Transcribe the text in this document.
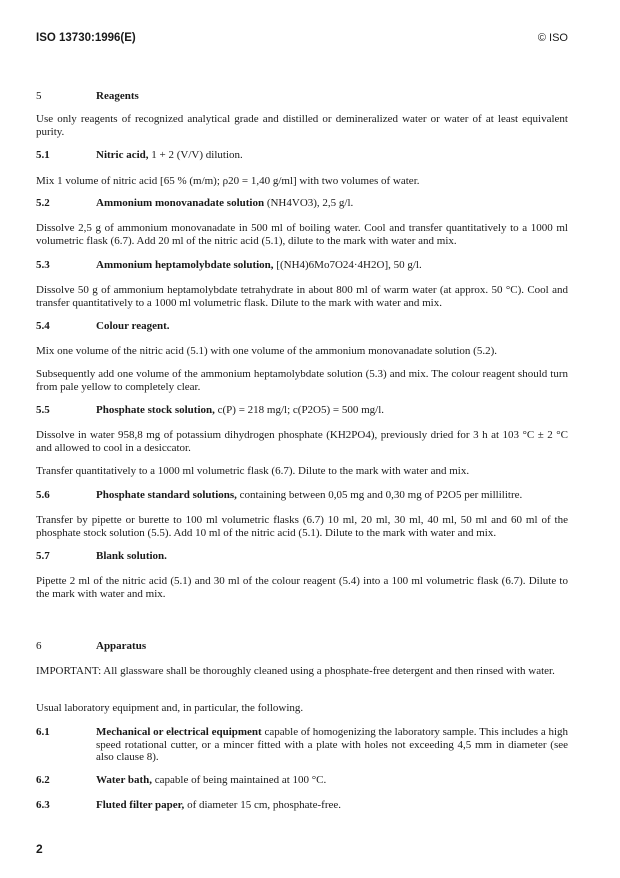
ISO 13730:1996(E)	© ISO
5	Reagents
Use only reagents of recognized analytical grade and distilled or demineralized water or water of at least equivalent purity.
5.1	Nitric acid, 1 + 2 (V/V) dilution.
Mix 1 volume of nitric acid [65 % (m/m); ρ20 = 1,40 g/ml] with two volumes of water.
5.2	Ammonium monovanadate solution (NH4VO3), 2,5 g/l.
Dissolve 2,5 g of ammonium monovanadate in 500 ml of boiling water. Cool and transfer quantitatively to a 1000 ml volumetric flask (6.7). Add 20 ml of the nitric acid (5.1), dilute to the mark with water and mix.
5.3	Ammonium heptamolybdate solution, [(NH4)6Mo7O24·4H2O], 50 g/l.
Dissolve 50 g of ammonium heptamolybdate tetrahydrate in about 800 ml of warm water (at approx. 50 °C). Cool and transfer quantitatively to a 1000 ml volumetric flask. Dilute to the mark with water and mix.
5.4	Colour reagent.
Mix one volume of the nitric acid (5.1) with one volume of the ammonium monovanadate solution (5.2).
Subsequently add one volume of the ammonium heptamolybdate solution (5.3) and mix. The colour reagent should turn from pale yellow to completely clear.
5.5	Phosphate stock solution, c(P) = 218 mg/l; c(P2O5) = 500 mg/l.
Dissolve in water 958,8 mg of potassium dihydrogen phosphate (KH2PO4), previously dried for 3 h at 103 °C ± 2 °C and allowed to cool in a desiccator.
Transfer quantitatively to a 1000 ml volumetric flask (6.7). Dilute to the mark with water and mix.
5.6	Phosphate standard solutions, containing between 0,05 mg and 0,30 mg of P2O5 per millilitre.
Transfer by pipette or burette to 100 ml volumetric flasks (6.7) 10 ml, 20 ml, 30 ml, 40 ml, 50 ml and 60 ml of the phosphate stock solution (5.5). Add 10 ml of the nitric acid (5.1). Dilute to the mark with water and mix.
5.7	Blank solution.
Pipette 2 ml of the nitric acid (5.1) and 30 ml of the colour reagent (5.4) into a 100 ml volumetric flask (6.7). Dilute to the mark with water and mix.
6	Apparatus
IMPORTANT: All glassware shall be thoroughly cleaned using a phosphate-free detergent and then rinsed with water.
Usual laboratory equipment and, in particular, the following.
6.1	Mechanical or electrical equipment capable of homogenizing the laboratory sample. This includes a high speed rotational cutter, or a mincer fitted with a plate with holes not exceeding 4,5 mm in diameter (see also clause 8).
6.2	Water bath, capable of being maintained at 100 °C.
6.3	Fluted filter paper, of diameter 15 cm, phosphate-free.
2
